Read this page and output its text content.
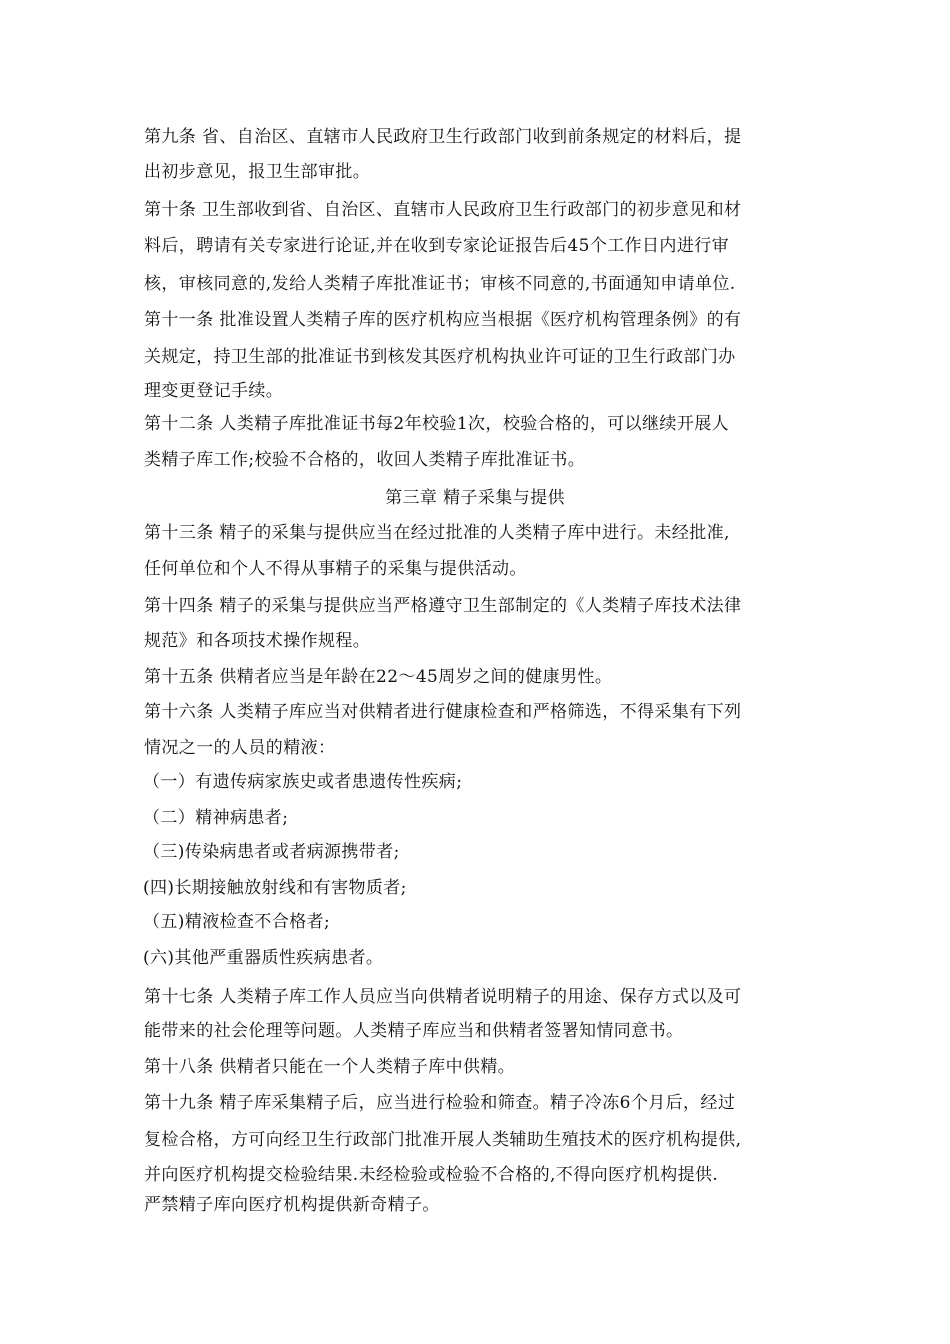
第九条 省、自治区、直辖市人民政府卫生行政部门收到前条规定的材料后，提
出初步意见，报卫生部审批。
第十条 卫生部收到省、自治区、直辖市人民政府卫生行政部门的初步意见和材
料后，聘请有关专家进行论证,并在收到专家论证报告后45个工作日内进行审
核，审核同意的,发给人类精子库批准证书；审核不同意的,书面通知申请单位.
第十一条 批准设置人类精子库的医疗机构应当根据《医疗机构管理条例》的有
关规定，持卫生部的批准证书到核发其医疗机构执业许可证的卫生行政部门办
理变更登记手续。
第十二条 人类精子库批准证书每2年校验1次，校验合格的，可以继续开展人
类精子库工作;校验不合格的，收回人类精子库批准证书。
第三章 精子采集与提供
第十三条 精子的采集与提供应当在经过批准的人类精子库中进行。未经批准,
任何单位和个人不得从事精子的采集与提供活动。
第十四条 精子的采集与提供应当严格遵守卫生部制定的《人类精子库技术法律
规范》和各项技术操作规程。
第十五条 供精者应当是年龄在22～45周岁之间的健康男性。
第十六条 人类精子库应当对供精者进行健康检查和严格筛选，不得采集有下列
情况之一的人员的精液：
（一）有遗传病家族史或者患遗传性疾病;
（二）精神病患者;
（三)传染病患者或者病源携带者;
(四)长期接触放射线和有害物质者;
（五)精液检查不合格者;
(六)其他严重器质性疾病患者。
第十七条 人类精子库工作人员应当向供精者说明精子的用途、保存方式以及可
能带来的社会伦理等问题。人类精子库应当和供精者签署知情同意书。
第十八条 供精者只能在一个人类精子库中供精。
第十九条 精子库采集精子后，应当进行检验和筛查。精子冷冻6个月后，经过
复检合格，方可向经卫生行政部门批准开展人类辅助生殖技术的医疗机构提供,
并向医疗机构提交检验结果.未经检验或检验不合格的,不得向医疗机构提供.
严禁精子库向医疗机构提供新奇精子。
